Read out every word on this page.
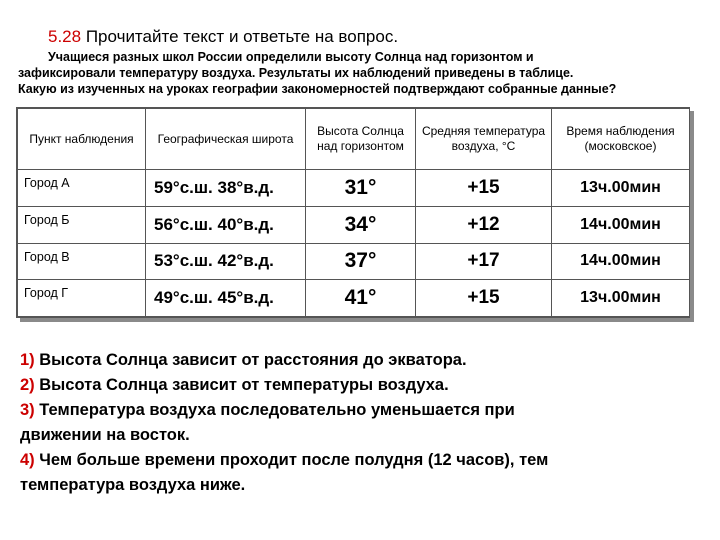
5.28 Прочитайте текст и ответьте на вопрос.
Учащиеся разных школ России определили высоту Солнца над горизонтом и
зафиксировали температуру воздуха. Результаты их наблюдений приведены в таблице.
Какую из изученных на уроках географии закономерностей подтверждают собранные данные?
Пункт наблюдения	Географическая широта	Высота Солнца над горизонтом	Средняя температура воздуха, °С	Время наблюдения (московское)
Город А	59°с.ш. 38°в.д.	31°	+15	13ч.00мин
Город Б	56°с.ш. 40°в.д.	34°	+12	14ч.00мин
Город В	53°с.ш. 42°в.д.	37°	+17	14ч.00мин
Город Г	49°с.ш. 45°в.д.	41°	+15	13ч.00мин
1) Высота Солнца зависит от расстояния до экватора.
2) Высота Солнца зависит от температуры воздуха.
3) Температура воздуха последовательно уменьшается при
движении на восток.
4) Чем больше времени проходит после полудня (12 часов), тем
температура воздуха ниже.
